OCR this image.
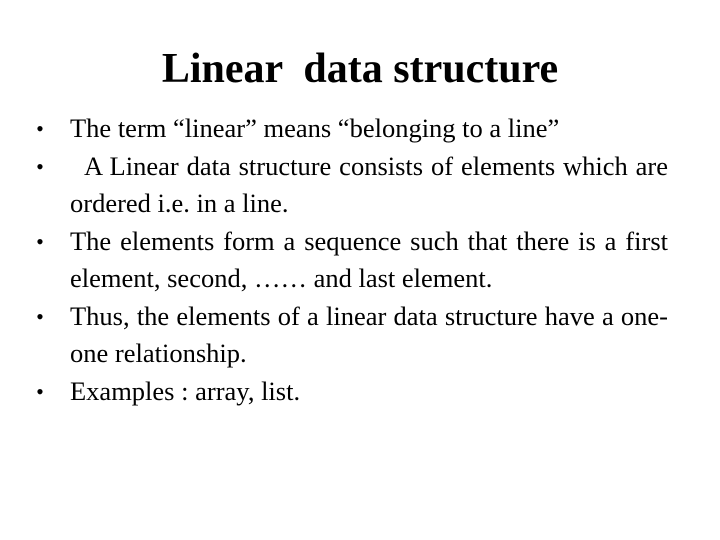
Linear  data structure
• The term “linear” means “belonging to a line”
•	A Linear data structure consists of elements which are ordered i.e. in a line.
• The elements form a sequence such that there is a first element, second, …… and last element.
• Thus, the elements of a linear data structure have a one-one relationship.
• Examples : array, list.
